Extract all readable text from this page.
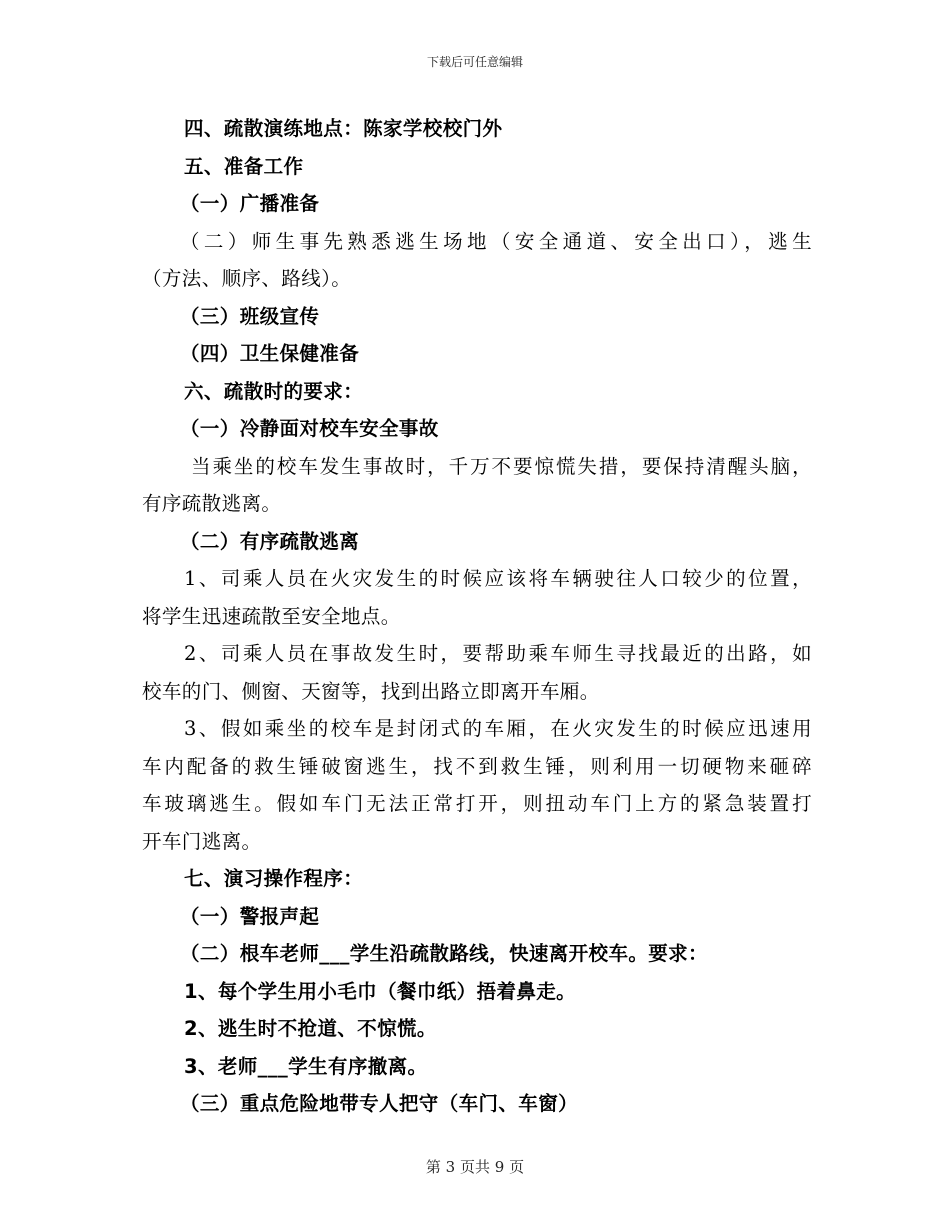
下载后可任意编辑
四、疏散演练地点：陈家学校校门外
五、准备工作
（一）广播准备
（二）师生事先熟悉逃生场地（安全通道、安全出口），逃生
（方法、顺序、路线）。
（三）班级宣传
（四）卫生保健准备
六、疏散时的要求：
（一）冷静面对校车安全事故
当乘坐的校车发生事故时，千万不要惊慌失措，要保持清醒头脑，
有序疏散逃离。
（二）有序疏散逃离
1、司乘人员在火灾发生的时候应该将车辆驶往人口较少的位置，
将学生迅速疏散至安全地点。
2、司乘人员在事故发生时，要帮助乘车师生寻找最近的出路，如
校车的门、侧窗、天窗等，找到出路立即离开车厢。
3、假如乘坐的校车是封闭式的车厢，在火灾发生的时候应迅速用
车内配备的救生锤破窗逃生，找不到救生锤，则利用一切硬物来砸碎
车玻璃逃生。假如车门无法正常打开，则扭动车门上方的紧急装置打
开车门逃离。
七、演习操作程序：
（一）警报声起
（二）根车老师___学生沿疏散路线，快速离开校车。要求：
1、每个学生用小毛巾（餐巾纸）捂着鼻走。
2、逃生时不抢道、不惊慌。
3、老师___学生有序撤离。
（三）重点危险地带专人把守（车门、车窗）
第 3 页共 9 页
